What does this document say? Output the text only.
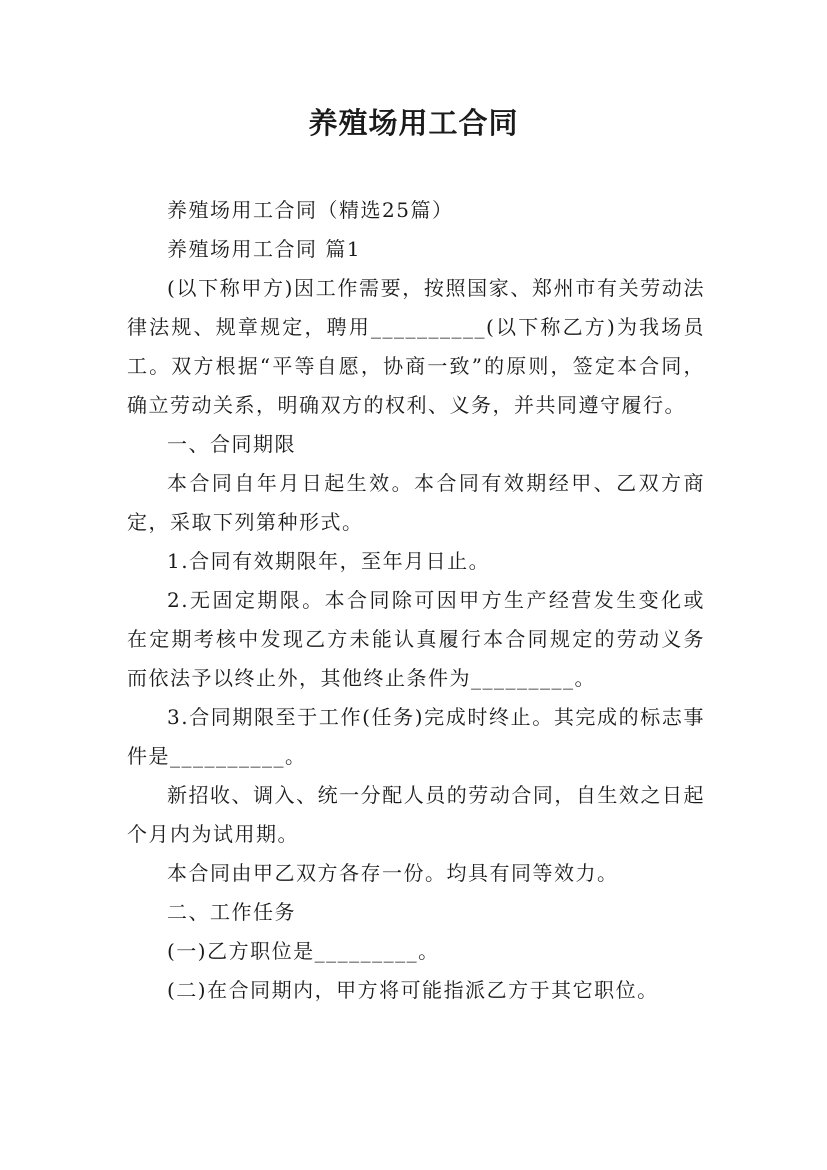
养殖场用工合同

养殖场用工合同（精选25篇）

养殖场用工合同 篇1

(以下称甲方)因工作需要，按照国家、郑州市有关劳动法律法规、规章规定，聘用__________(以下称乙方)为我场员工。双方根据“平等自愿，协商一致”的原则，签定本合同，确立劳动关系，明确双方的权利、义务，并共同遵守履行。

一、合同期限

本合同自年月日起生效。本合同有效期经甲、乙双方商定，采取下列第种形式。

1.合同有效期限年，至年月日止。

2.无固定期限。本合同除可因甲方生产经营发生变化或在定期考核中发现乙方未能认真履行本合同规定的劳动义务而依法予以终止外，其他终止条件为_________。

3.合同期限至于工作(任务)完成时终止。其完成的标志事件是__________。

新招收、调入、统一分配人员的劳动合同，自生效之日起个月内为试用期。

本合同由甲乙双方各存一份。均具有同等效力。

二、工作任务

(一)乙方职位是_________。

(二)在合同期内，甲方将可能指派乙方于其它职位。
